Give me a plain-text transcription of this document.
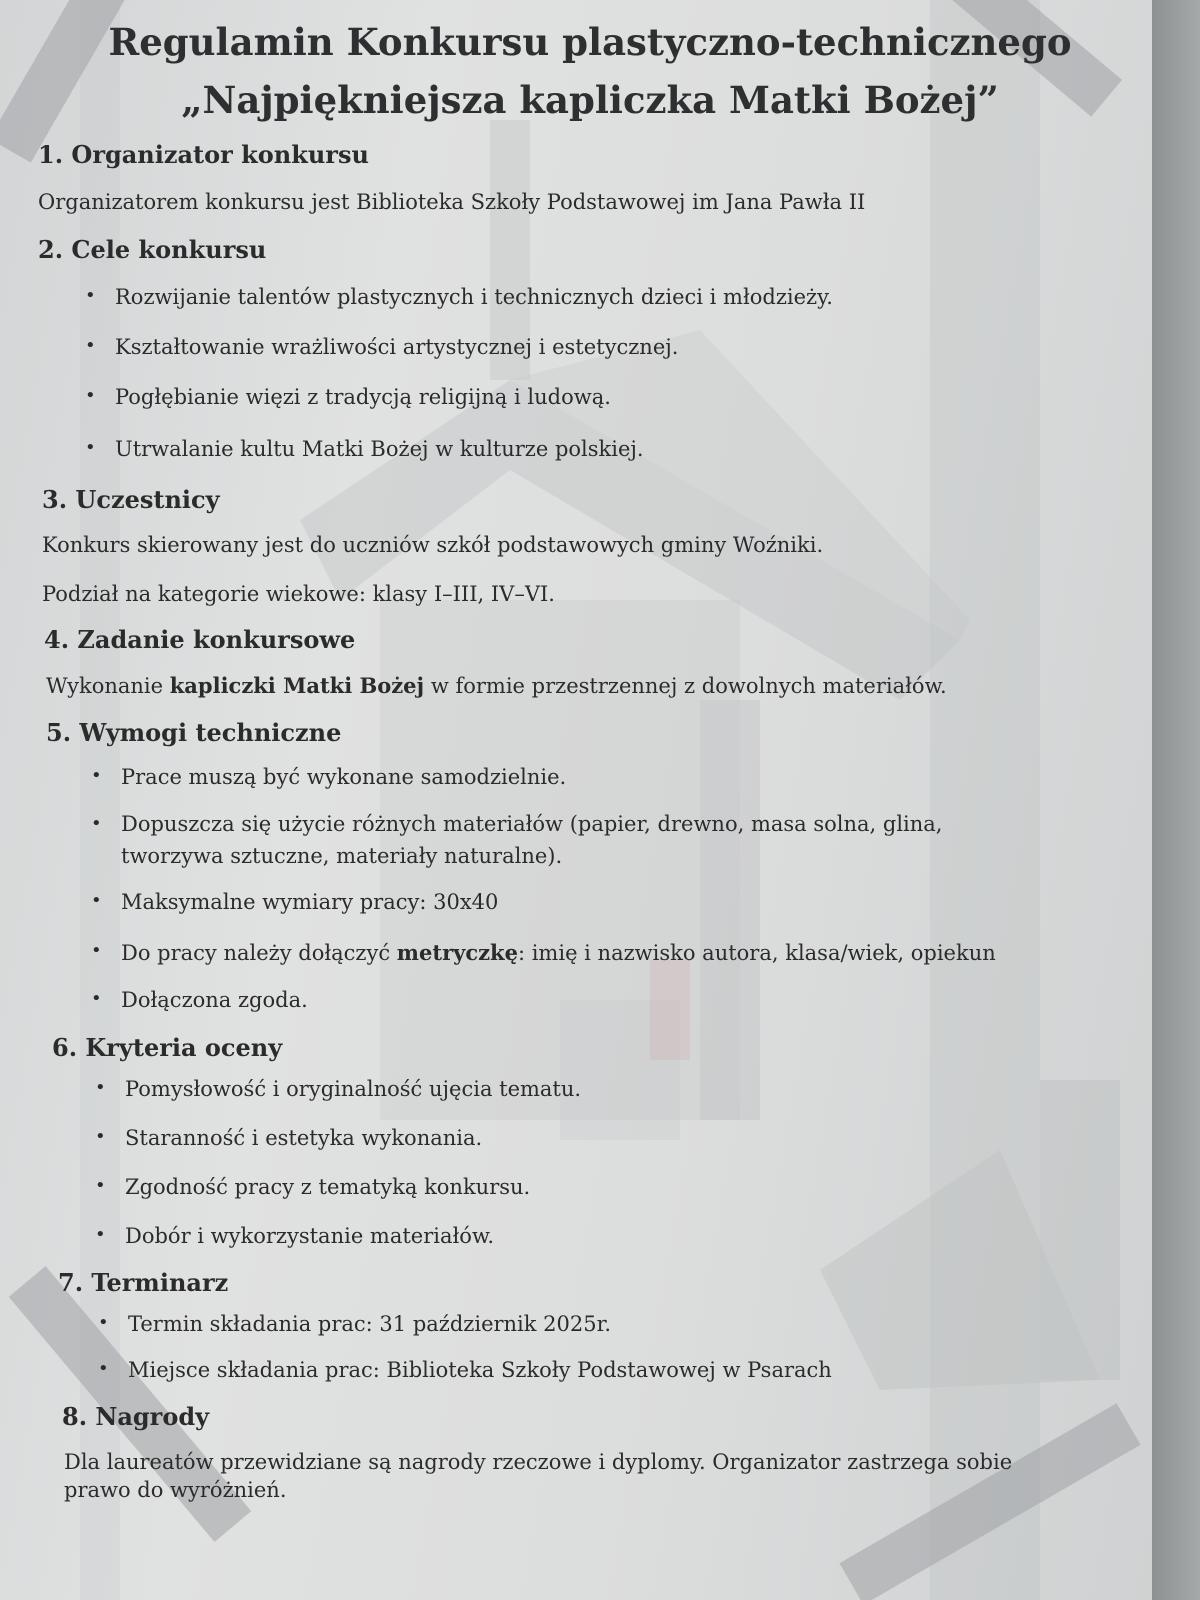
Regulamin Konkursu plastyczno-technicznego
„Najpiękniejsza kapliczka Matki Bożej”
1. Organizator konkursu

Organizatorem konkursu jest Biblioteka Szkoły Podstawowej im Jana Pawła II

2. Cele konkursu

• Rozwijanie talentów plastycznych i technicznych dzieci i młodzieży.

• Kształtowanie wrażliwości artystycznej i estetycznej.

• Pogłębianie więzi z tradycją religijną i ludową.

• Utrwalanie kultu Matki Bożej w kulturze polskiej.

3. Uczestnicy

Konkurs skierowany jest do uczniów szkół podstawowych gminy Woźniki.

Podział na kategorie wiekowe: klasy I–III, IV–VI.

4. Zadanie konkursowe

Wykonanie kapliczki Matki Bożej w formie przestrzennej z dowolnych materiałów.

5. Wymogi techniczne

• Prace muszą być wykonane samodzielnie.

• Dopuszcza się użycie różnych materiałów (papier, drewno, masa solna, glina, tworzywa sztuczne, materiały naturalne).

• Maksymalne wymiary pracy: 30x40

• Do pracy należy dołączyć metryczkę: imię i nazwisko autora, klasa/wiek, opiekun

• Dołączona zgoda.

6. Kryteria oceny

• Pomysłowość i oryginalność ujęcia tematu.

• Staranność i estetyka wykonania.

• Zgodność pracy z tematyką konkursu.

• Dobór i wykorzystanie materiałów.

7. Terminarz

• Termin składania prac: 31 październik 2025r.

• Miejsce składania prac: Biblioteka Szkoły Podstawowej w Psarach

8. Nagrody

Dla laureatów przewidziane są nagrody rzeczowe i dyplomy. Organizator zastrzega sobie prawo do wyróżnień.
